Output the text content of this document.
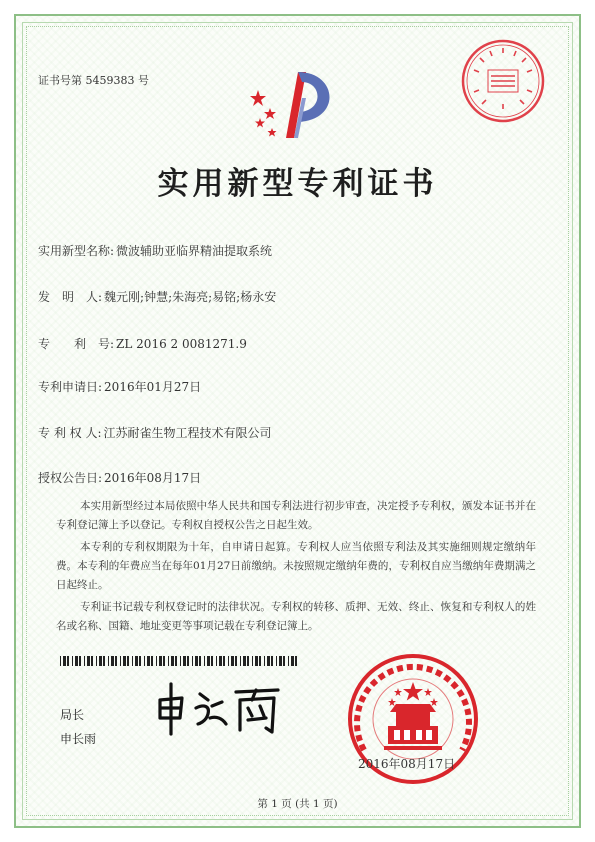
证书号第 5459383 号
实用新型专利证书
实用新型名称: 微波辅助亚临界精油提取系统
发　明　人: 魏元刚;钟慧;朱海亮;易铭;杨永安
专　　利　号: ZL 2016 2 0081271.9
专利申请日: 2016年01月27日
专 利 权 人: 江苏耐雀生物工程技术有限公司
授权公告日: 2016年08月17日
本实用新型经过本局依照中华人民共和国专利法进行初步审查，决定授予专利权，颁发本证书并在专利登记簿上予以登记。专利权自授权公告之日起生效。
本专利的专利权期限为十年，自申请日起算。专利权人应当依照专利法及其实施细则规定缴纳年费。本专利的年费应当在每年01月27日前缴纳。未按照规定缴纳年费的，专利权自应当缴纳年费期满之日起终止。
专利证书记载专利权登记时的法律状况。专利权的转移、质押、无效、终止、恢复和专利权人的姓名或名称、国籍、地址变更等事项记载在专利登记簿上。
局长
申长雨
2016年08月17日
第 1 页 (共 1 页)
